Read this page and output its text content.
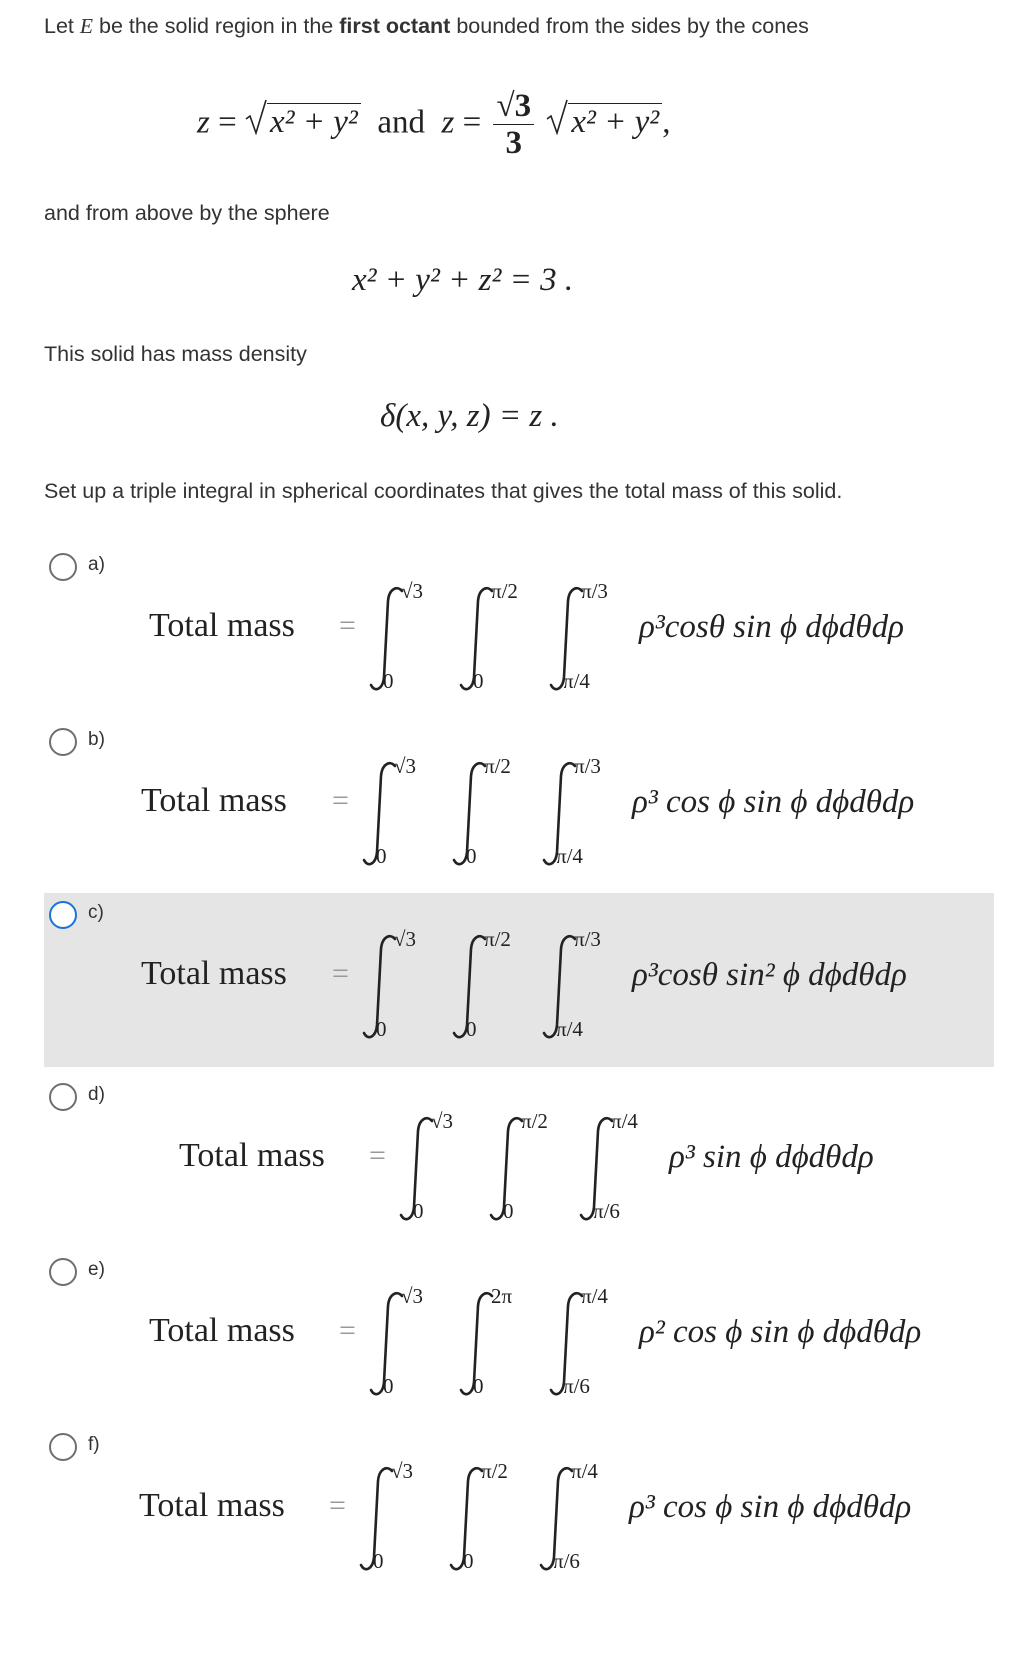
Let E be the solid region in the first octant bounded from the sides by the cones
z =
x² + y² and $z = \frac{√3}{3}$
x² + y²,
and from above by the sphere
x² + y² + z² = 3 .
This solid has mass density
δ(x, y, z) = z .
Set up a triple integral in spherical coordinates that gives the total mass of this solid.
a)
Total mass =
√3
0
π/2
0
π/3
π/4
ρ³cosθ sin ϕ dϕdθdρ
b)
Total mass =
√3
0
π/2
0
π/3
π/4
ρ³ cos ϕ sin ϕ dϕdθdρ
c)
Total mass =
√3
0
π/2
0
π/3
π/4
ρ³cosθ sin² ϕ dϕdθdρ
d)
Total mass =
√3
0
π/2
0
π/4
π/6
ρ³ sin ϕ dϕdθdρ
e)
Total mass =
√3
0
2π
0
π/4
π/6
ρ² cos ϕ sin ϕ dϕdθdρ
f)
Total mass =
√3
0
π/2
0
π/4
π/6
ρ³ cos ϕ sin ϕ dϕdθdρ
